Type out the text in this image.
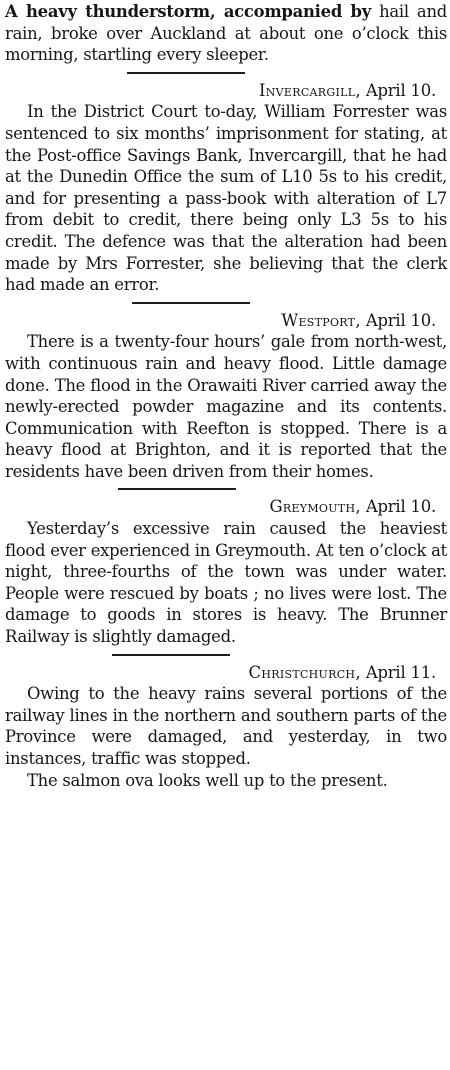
A heavy thunderstorm, accompanied by hail and rain, broke over Auckland at about one o’clock this morning, startling every sleeper.

Invercargill, April 10.

In the District Court to-day, William Forrester was sentenced to six months’ imprisonment for stating, at the Post-office Savings Bank, Invercargill, that he had at the Dunedin Office the sum of L10 5s to his credit, and for presenting a pass-book with alteration of L7 from debit to credit, there being only L3 5s to his credit. The defence was that the alteration had been made by Mrs Forrester, she believing that the clerk had made an error.

Westport, April 10.

There is a twenty-four hours’ gale from north-west, with continuous rain and heavy flood. Little damage done. The flood in the Orawaiti River carried away the newly-erected powder magazine and its contents. Communication with Reefton is stopped. There is a heavy flood at Brighton, and it is reported that the residents have been driven from their homes.

Greymouth, April 10.

Yesterday’s excessive rain caused the heaviest flood ever experienced in Greymouth. At ten o’clock at night, three-fourths of the town was under water. People were rescued by boats ; no lives were lost. The damage to goods in stores is heavy. The Brunner Railway is slightly damaged.

Christchurch, April 11.

Owing to the heavy rains several portions of the railway lines in the northern and southern parts of the Province were damaged, and yesterday, in two instances, traffic was stopped.

The salmon ova looks well up to the present.
